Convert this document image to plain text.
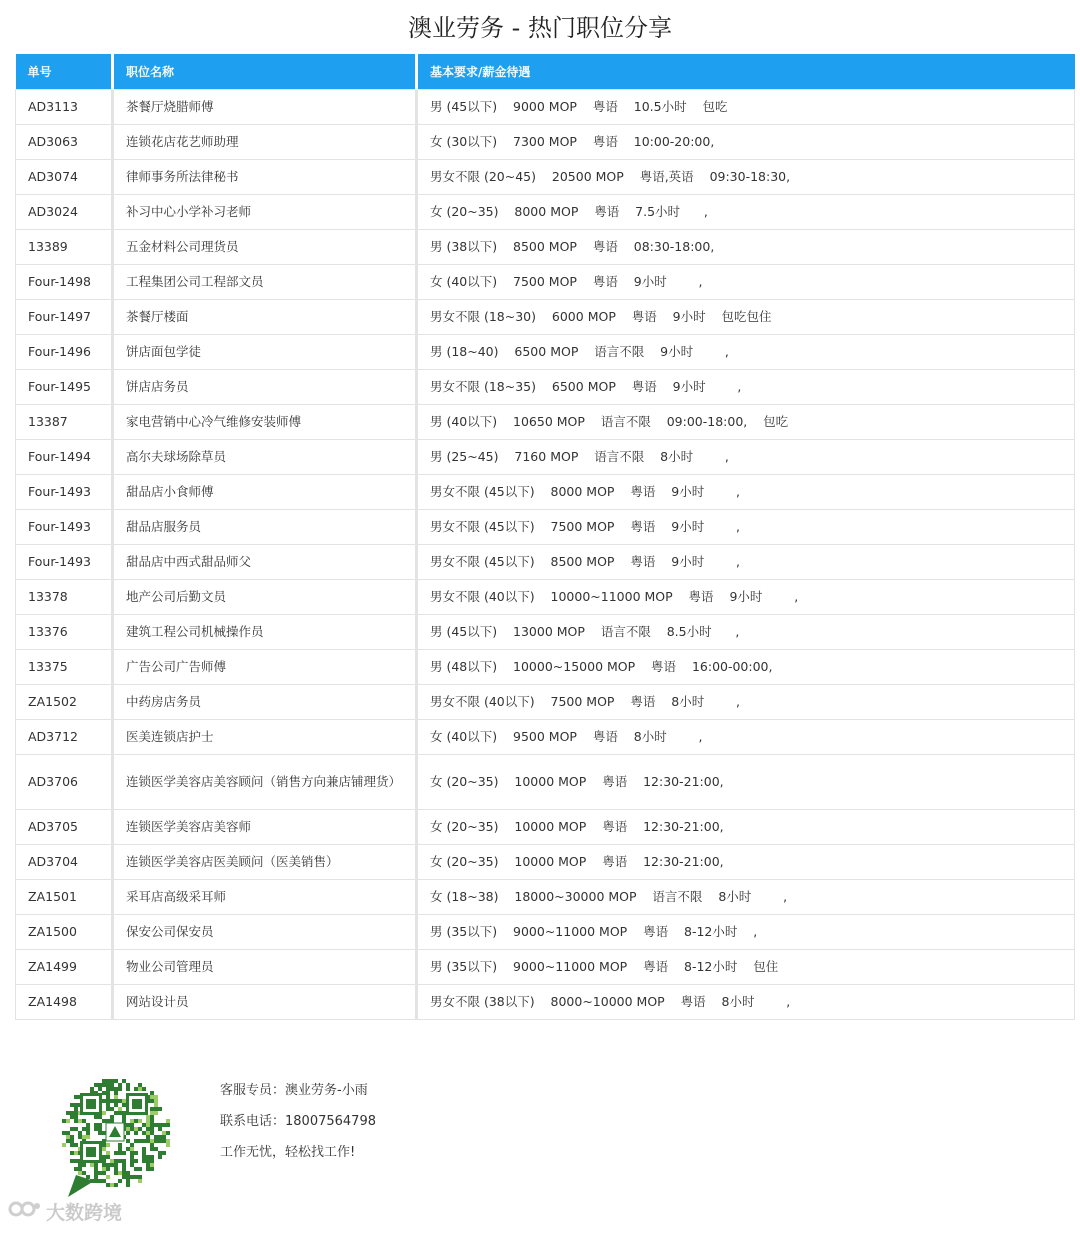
澳业劳务 - 热门职位分享
单号	职位名称	基本要求/薪金待遇
AD3113	茶餐厅烧腊师傅	男 (45以下)    9000 MOP    粤语    10.5小时    包吃
AD3063	连锁花店花艺师助理	女 (30以下)    7300 MOP    粤语    10:00-20:00,
AD3074	律师事务所法律秘书	男女不限 (20~45)    20500 MOP    粤语,英语    09:30-18:30,
AD3024	补习中心小学补习老师	女 (20~35)    8000 MOP    粤语    7.5小时      ,
13389	五金材料公司理货员	男 (38以下)    8500 MOP    粤语    08:30-18:00,
Four-1498	工程集团公司工程部文员	女 (40以下)    7500 MOP    粤语    9小时        ,
Four-1497	茶餐厅楼面	男女不限 (18~30)    6000 MOP    粤语    9小时    包吃包住
Four-1496	饼店面包学徒	男 (18~40)    6500 MOP    语言不限    9小时        ,
Four-1495	饼店店务员	男女不限 (18~35)    6500 MOP    粤语    9小时        ,
13387	家电营销中心冷气维修安装师傅	男 (40以下)    10650 MOP    语言不限    09:00-18:00,    包吃
Four-1494	高尔夫球场除草员	男 (25~45)    7160 MOP    语言不限    8小时        ,
Four-1493	甜品店小食师傅	男女不限 (45以下)    8000 MOP    粤语    9小时        ,
Four-1493	甜品店服务员	男女不限 (45以下)    7500 MOP    粤语    9小时        ,
Four-1493	甜品店中西式甜品师父	男女不限 (45以下)    8500 MOP    粤语    9小时        ,
13378	地产公司后勤文员	男女不限 (40以下)    10000~11000 MOP    粤语    9小时        ,
13376	建筑工程公司机械操作员	男 (45以下)    13000 MOP    语言不限    8.5小时      ,
13375	广告公司广告师傅	男 (48以下)    10000~15000 MOP    粤语    16:00-00:00,
ZA1502	中药房店务员	男女不限 (40以下)    7500 MOP    粤语    8小时        ,
AD3712	医美连锁店护士	女 (40以下)    9500 MOP    粤语    8小时        ,
AD3706	连锁医学美容店美容顾问（销售方向兼店铺理货）	女 (20~35)    10000 MOP    粤语    12:30-21:00,
AD3705	连锁医学美容店美容师	女 (20~35)    10000 MOP    粤语    12:30-21:00,
AD3704	连锁医学美容店医美顾问（医美销售）	女 (20~35)    10000 MOP    粤语    12:30-21:00,
ZA1501	采耳店高级采耳师	女 (18~38)    18000~30000 MOP    语言不限    8小时        ,
ZA1500	保安公司保安员	男 (35以下)    9000~11000 MOP    粤语    8-12小时    ,
ZA1499	物业公司管理员	男 (35以下)    9000~11000 MOP    粤语    8-12小时    包住
ZA1498	网站设计员	男女不限 (38以下)    8000~10000 MOP    粤语    8小时        ,
客服专员：澳业劳务-小雨
联系电话：18007564798
工作无忧，轻松找工作!
大数跨境
